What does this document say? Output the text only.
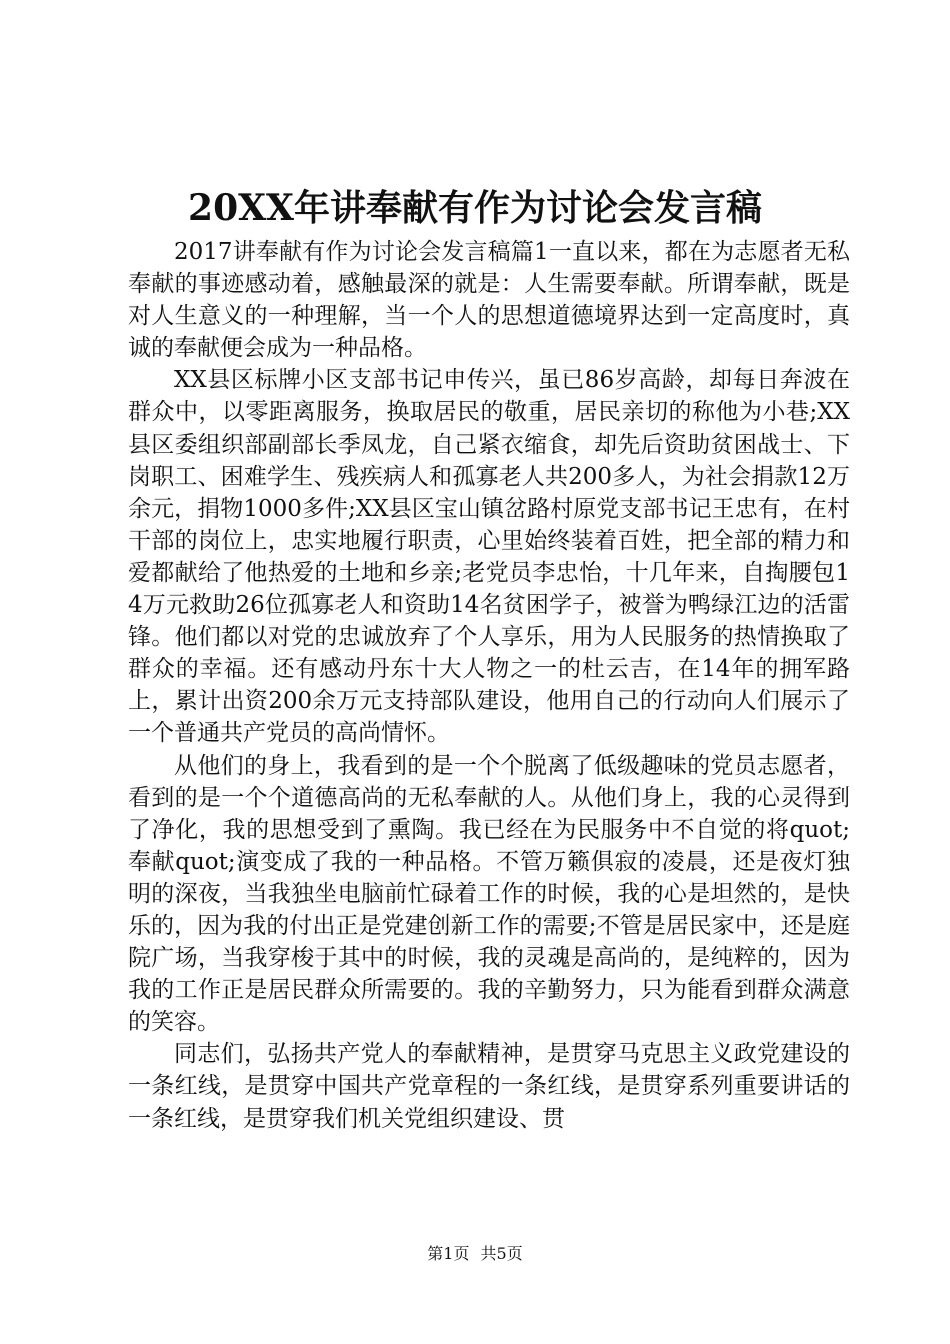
20XX年讲奉献有作为讨论会发言稿

2017讲奉献有作为讨论会发言稿篇1一直以来，都在为志愿者无私奉献的事迹感动着，感触最深的就是：人生需要奉献。所谓奉献，既是对人生意义的一种理解，当一个人的思想道德境界达到一定高度时，真诚的奉献便会成为一种品格。

XX县区标牌小区支部书记申传兴，虽已86岁高龄，却每日奔波在群众中，以零距离服务，换取居民的敬重，居民亲切的称他为小巷;XX县区委组织部副部长季凤龙，自己紧衣缩食，却先后资助贫困战士、下岗职工、困难学生、残疾病人和孤寡老人共200多人，为社会捐款12万余元，捐物1000多件;XX县区宝山镇岔路村原党支部书记王忠有，在村干部的岗位上，忠实地履行职责，心里始终装着百姓，把全部的精力和爱都献给了他热爱的土地和乡亲;老党员李忠怡，十几年来，自掏腰包14万元救助26位孤寡老人和资助14名贫困学子，被誉为鸭绿江边的活雷锋。他们都以对党的忠诚放弃了个人享乐，用为人民服务的热情换取了群众的幸福。还有感动丹东十大人物之一的杜云吉，在14年的拥军路上，累计出资200余万元支持部队建设，他用自己的行动向人们展示了一个普通共产党员的高尚情怀。

从他们的身上，我看到的是一个个脱离了低级趣味的党员志愿者，看到的是一个个道德高尚的无私奉献的人。从他们身上，我的心灵得到了净化，我的思想受到了熏陶。我已经在为民服务中不自觉的将quot;奉献quot;演变成了我的一种品格。不管万籁俱寂的凌晨，还是夜灯独明的深夜，当我独坐电脑前忙碌着工作的时候，我的心是坦然的，是快乐的，因为我的付出正是党建创新工作的需要;不管是居民家中，还是庭院广场，当我穿梭于其中的时候，我的灵魂是高尚的，是纯粹的，因为我的工作正是居民群众所需要的。我的辛勤努力，只为能看到群众满意的笑容。

同志们，弘扬共产党人的奉献精神，是贯穿马克思主义政党建设的一条红线，是贯穿中国共产党章程的一条红线，是贯穿系列重要讲话的一条红线，是贯穿我们机关党组织建设、贯

第1页 共5页
